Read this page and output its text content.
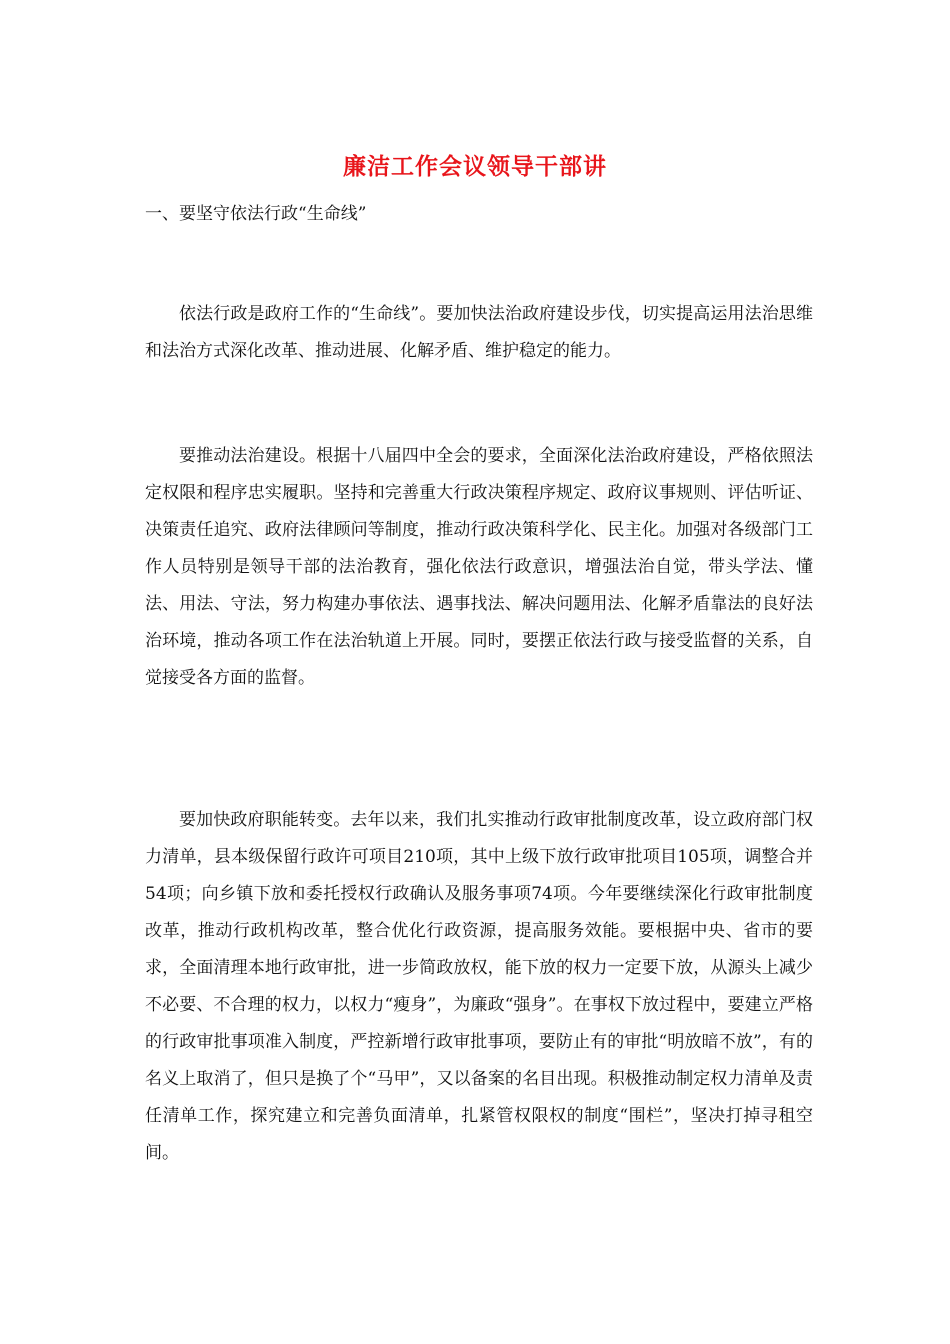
廉洁工作会议领导干部讲
一、要坚守依法行政“生命线”

依法行政是政府工作的“生命线”。要加快法治政府建设步伐，切实提高运用法治思维和法治方式深化改革、推动进展、化解矛盾、维护稳定的能力。

要推动法治建设。根据十八届四中全会的要求，全面深化法治政府建设，严格依照法定权限和程序忠实履职。坚持和完善重大行政决策程序规定、政府议事规则、评估听证、决策责任追究、政府法律顾问等制度，推动行政决策科学化、民主化。加强对各级部门工作人员特别是领导干部的法治教育，强化依法行政意识，增强法治自觉，带头学法、懂法、用法、守法，努力构建办事依法、遇事找法、解决问题用法、化解矛盾靠法的良好法治环境，推动各项工作在法治轨道上开展。同时，要摆正依法行政与接受监督的关系，自觉接受各方面的监督。

要加快政府职能转变。去年以来，我们扎实推动行政审批制度改革，设立政府部门权力清单，县本级保留行政许可项目210项，其中上级下放行政审批项目105项，调整合并54项；向乡镇下放和委托授权行政确认及服务事项74项。今年要继续深化行政审批制度改革，推动行政机构改革，整合优化行政资源，提高服务效能。要根据中央、省市的要求，全面清理本地行政审批，进一步简政放权，能下放的权力一定要下放，从源头上减少不必要、不合理的权力，以权力“瘦身”，为廉政“强身”。在事权下放过程中，要建立严格的行政审批事项准入制度，严控新增行政审批事项，要防止有的审批“明放暗不放”，有的名义上取消了，但只是换了个“马甲”，又以备案的名目出现。积极推动制定权力清单及责任清单工作，探究建立和完善负面清单，扎紧管权限权的制度“围栏”，坚决打掉寻租空间。
